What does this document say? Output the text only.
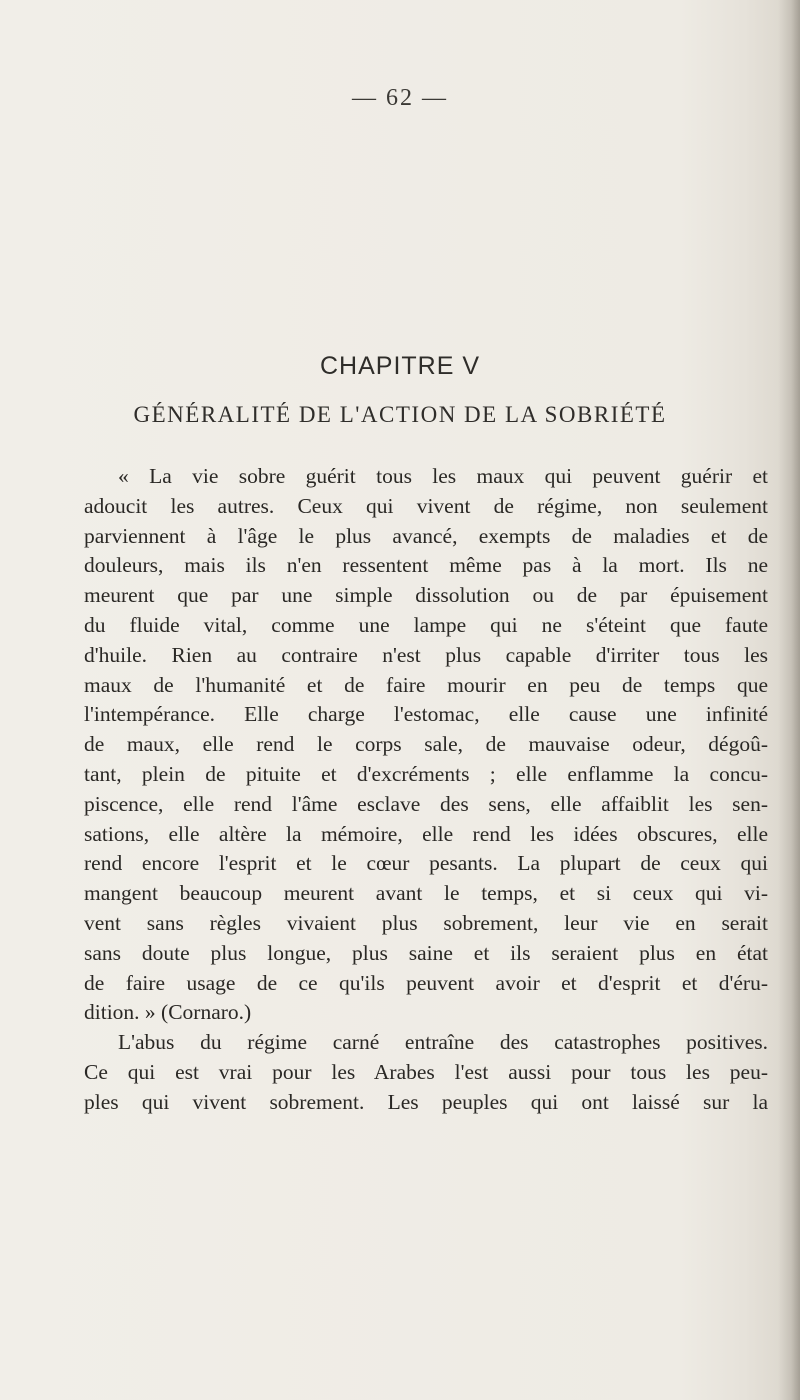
— 62 —
CHAPITRE V
GÉNÉRALITÉ DE L'ACTION DE LA SOBRIÉTÉ
« La vie sobre guérit tous les maux qui peuvent guérir et
adoucit les autres. Ceux qui vivent de régime, non seulement
parviennent à l'âge le plus avancé, exempts de maladies et de
douleurs, mais ils n'en ressentent même pas à la mort. Ils ne
meurent que par une simple dissolution ou de par épuisement
du fluide vital, comme une lampe qui ne s'éteint que faute
d'huile. Rien au contraire n'est plus capable d'irriter tous les
maux de l'humanité et de faire mourir en peu de temps que
l'intempérance. Elle charge l'estomac, elle cause une infinité
de maux, elle rend le corps sale, de mauvaise odeur, dégoû-
tant, plein de pituite et d'excréments ; elle enflamme la concu-
piscence, elle rend l'âme esclave des sens, elle affaiblit les sen-
sations, elle altère la mémoire, elle rend les idées obscures, elle
rend encore l'esprit et le cœur pesants. La plupart de ceux qui
mangent beaucoup meurent avant le temps, et si ceux qui vi-
vent sans règles vivaient plus sobrement, leur vie en serait
sans doute plus longue, plus saine et ils seraient plus en état
de faire usage de ce qu'ils peuvent avoir et d'esprit et d'éru-
dition. » (Cornaro.)
L'abus du régime carné entraîne des catastrophes positives.
Ce qui est vrai pour les Arabes l'est aussi pour tous les peu-
ples qui vivent sobrement. Les peuples qui ont laissé sur la
